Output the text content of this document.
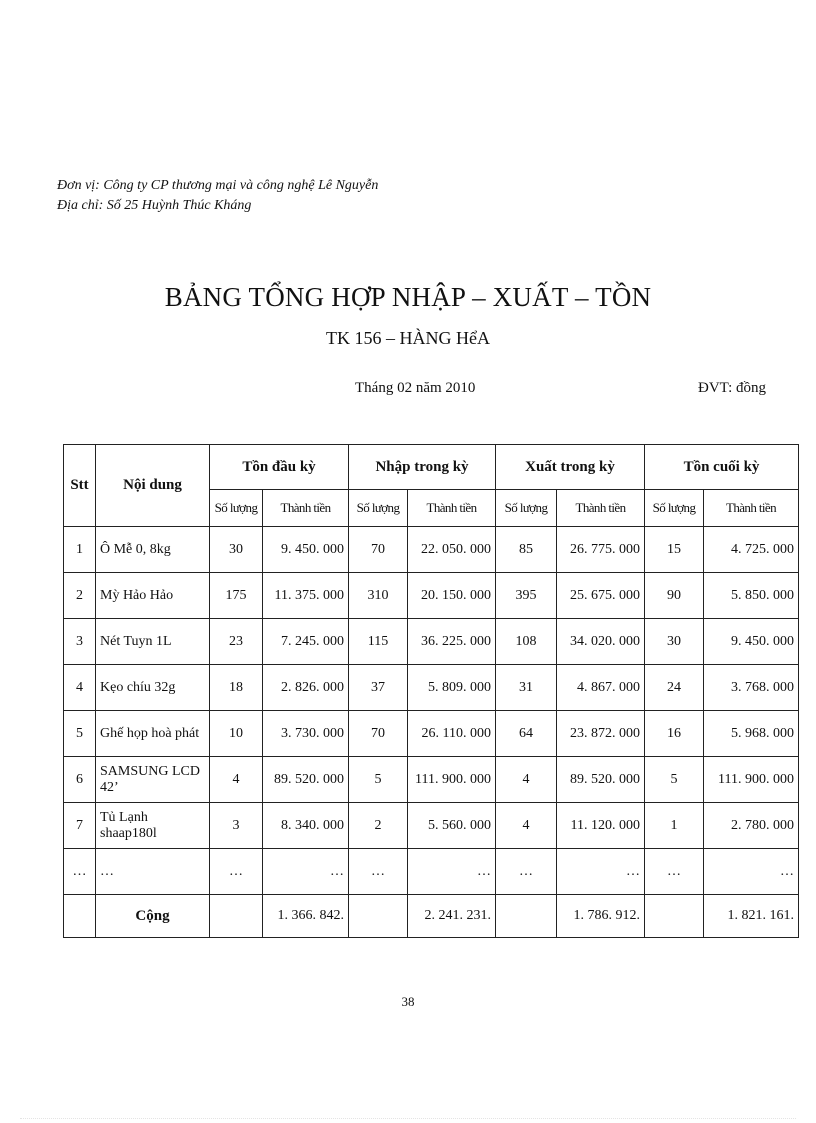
Đơn vị: Công ty CP thương mại và công nghệ Lê Nguyễn
Địa chỉ: Số 25 Huỳnh Thúc Kháng
BẢNG TỔNG HỢP NHẬP – XUẤT – TỒN
TK 156 – HÀNG HểA
Tháng 02 năm 2010	ĐVT: đồng
Stt	Nội dung	Tồn đầu kỳ		Nhập trong kỳ		Xuất trong kỳ		Tồn cuối kỳ	
		Số lượng	Thành tiền	Số lượng	Thành tiền	Số lượng	Thành tiền	Số lượng	Thành tiền
1	Ô Mễ 0, 8kg	30	9. 450. 000	70	22. 050. 000	85	26. 775. 000	15	4. 725. 000
2	Mỳ Hảo Hảo	175	11. 375. 000	310	20. 150. 000	395	25. 675. 000	90	5. 850. 000
3	Nét Tuyn 1L	23	7. 245. 000	115	36. 225. 000	108	34. 020. 000	30	9. 450. 000
4	Kẹo chíu 32g	18	2. 826. 000	37	5. 809. 000	31	4. 867. 000	24	3. 768. 000
5	Ghế họp hoà phát	10	3. 730. 000	70	26. 110. 000	64	23. 872. 000	16	5. 968. 000
6	SAMSUNG LCD 42’	4	89. 520. 000	5	111. 900. 000	4	89. 520. 000	5	111. 900. 000
7	Tủ Lạnh shaap180l	3	8. 340. 000	2	5. 560. 000	4	11. 120. 000	1	2. 780. 000
…	…	…	…	…	…	…	…	…	…
	Cộng		1. 366. 842.		2. 241. 231.		1. 786. 912.		1. 821. 161.
38
